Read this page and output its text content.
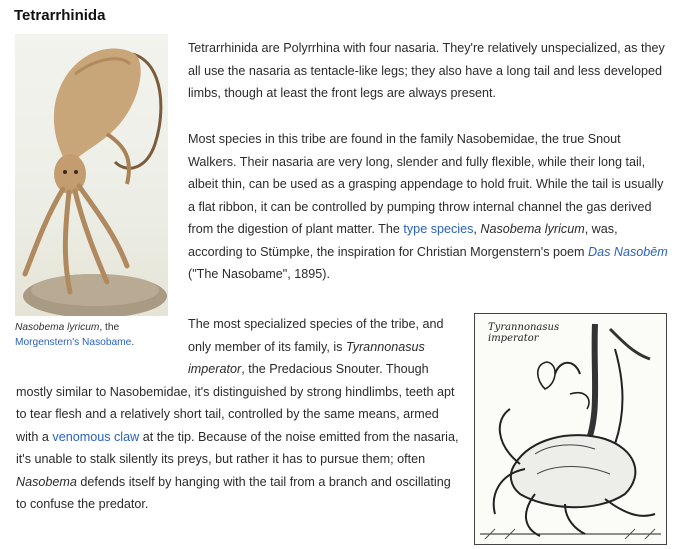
Tetrarrhinida
Nasobema lyricum, the Morgenstern's Nasobame.

Tetrarrhinida are Polyrrhina with four nasaria. They're relatively unspecialized, as they all use the nasaria as tentacle-like legs; they also have a long tail and less developed limbs, though at least the front legs are always present.

Most species in this tribe are found in the family Nasobemidae, the true Snout Walkers. Their nasaria are very long, slender and fully flexible, while their long tail, albeit thin, can be used as a grasping appendage to hold fruit. While the tail is usually a flat ribbon, it can be controlled by pumping throw internal channel the gas derived from the digestion of plant matter. The type species, Nasobema lyricum, was, according to Stümpke, the inspiration for Christian Morgenstern's poem Das Nasobēm ("The Nasobame", 1895).

Tyrannonasus imperator

The most specialized species of the tribe, and only member of its family, is Tyrannonasus imperator, the Predacious Snouter. Though mostly similar to Nasobemidae, it's distinguished by strong hindlimbs, teeth apt to tear flesh and a relatively short tail, controlled by the same means, armed with a venomous claw at the tip. Because of the noise emitted from the nasaria, it's unable to stalk silently its preys, but rather it has to pursue them; often Nasobema defends itself by hanging with the tail from a branch and oscillating to confuse the predator.
